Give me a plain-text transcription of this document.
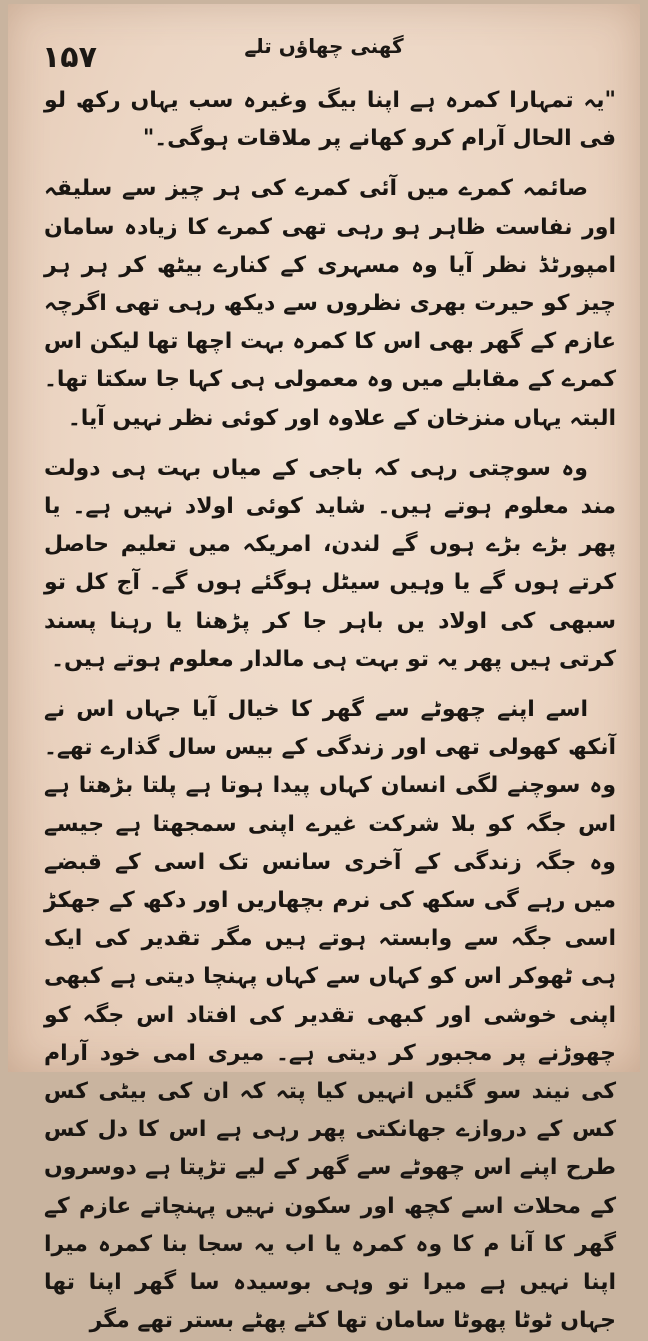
۱۵۷	گھنی چھاؤں تلے

"یہ تمہارا کمرہ ہے اپنا بیگ وغیرہ سب یہاں رکھ لو فی الحال آرام کرو کھانے پر ملاقات ہوگی۔"

صائمہ کمرے میں آئی کمرے کی ہر چیز سے سلیقہ اور نفاست ظاہر ہو رہی تھی کمرے کا زیادہ سامان امپورٹڈ نظر آیا وہ مسہری کے کنارے بیٹھ کر ہر ہر چیز کو حیرت بھری نظروں سے دیکھ رہی تھی اگرچہ عازم کے گھر بھی اس کا کمرہ بہت اچھا تھا لیکن اس کمرے کے مقابلے میں وہ معمولی ہی کہا جا سکتا تھا۔ البتہ یہاں منزخان کے علاوہ اور کوئی نظر نہیں آیا۔

وہ سوچتی رہی کہ باجی کے میاں بہت ہی دولت مند معلوم ہوتے ہیں۔ شاید کوئی اولاد نہیں ہے۔ یا پھر بڑے بڑے ہوں گے لندن، امریکہ میں تعلیم حاصل کرتے ہوں گے یا وہیں سیٹل ہوگئے ہوں گے۔ آج کل تو سبھی کی اولاد یں باہر جا کر پڑھنا یا رہنا پسند کرتی ہیں پھر یہ تو بہت ہی مالدار معلوم ہوتے ہیں۔

اسے اپنے چھوٹے سے گھر کا خیال آیا جہاں اس نے آنکھ کھولی تھی اور زندگی کے بیس سال گذارے تھے۔ وہ سوچنے لگی انسان کہاں پیدا ہوتا ہے پلتا بڑھتا ہے اس جگہ کو بلا شرکت غیرے اپنی سمجھتا ہے جیسے وہ جگہ زندگی کے آخری سانس تک اسی کے قبضے میں رہے گی سکھ کی نرم بچھاریں اور دکھ کے جھکڑ اسی جگہ سے وابستہ ہوتے ہیں مگر تقدیر کی ایک ہی ٹھوکر اس کو کہاں سے کہاں پہنچا دیتی ہے کبھی اپنی خوشی اور کبھی تقدیر کی افتاد اس جگہ کو چھوڑنے پر مجبور کر دیتی ہے۔ میری امی خود آرام کی نیند سو گئیں انہیں کیا پتہ کہ ان کی بیٹی کس کس کے دروازے جھانکتی پھر رہی ہے اس کا دل کس طرح اپنے اس چھوٹے سے گھر کے لیے تڑپتا ہے دوسروں کے محلات اسے کچھ اور سکون نہیں پہنچاتے عازم کے گھر کا آنا م کا وہ کمرہ یا اب یہ سجا بنا کمرہ میرا اپنا نہیں ہے میرا تو وہی بوسیدہ سا گھر اپنا تھا جہاں ٹوٹا پھوٹا سامان تھا کٹے پھٹے بستر تھے مگر
